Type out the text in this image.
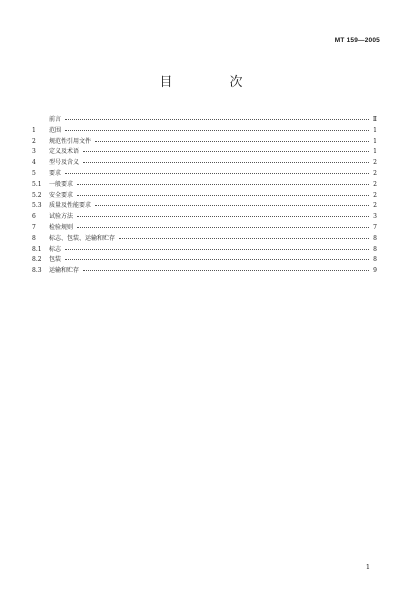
MT 159—2005
目　次
前言	Ⅱ
1	范围	1
2	规范性引用文件	1
3	定义及术语	1
4	型号及含义	2
5	要求	2
5.1	一般要求	2
5.2	安全要求	2
5.3	质量及性能要求	2
6	试验方法	3
7	检验规则	7
8	标志、包装、运输和贮存	8
8.1	标志	8
8.2	包装	8
8.3	运输和贮存	9
1
